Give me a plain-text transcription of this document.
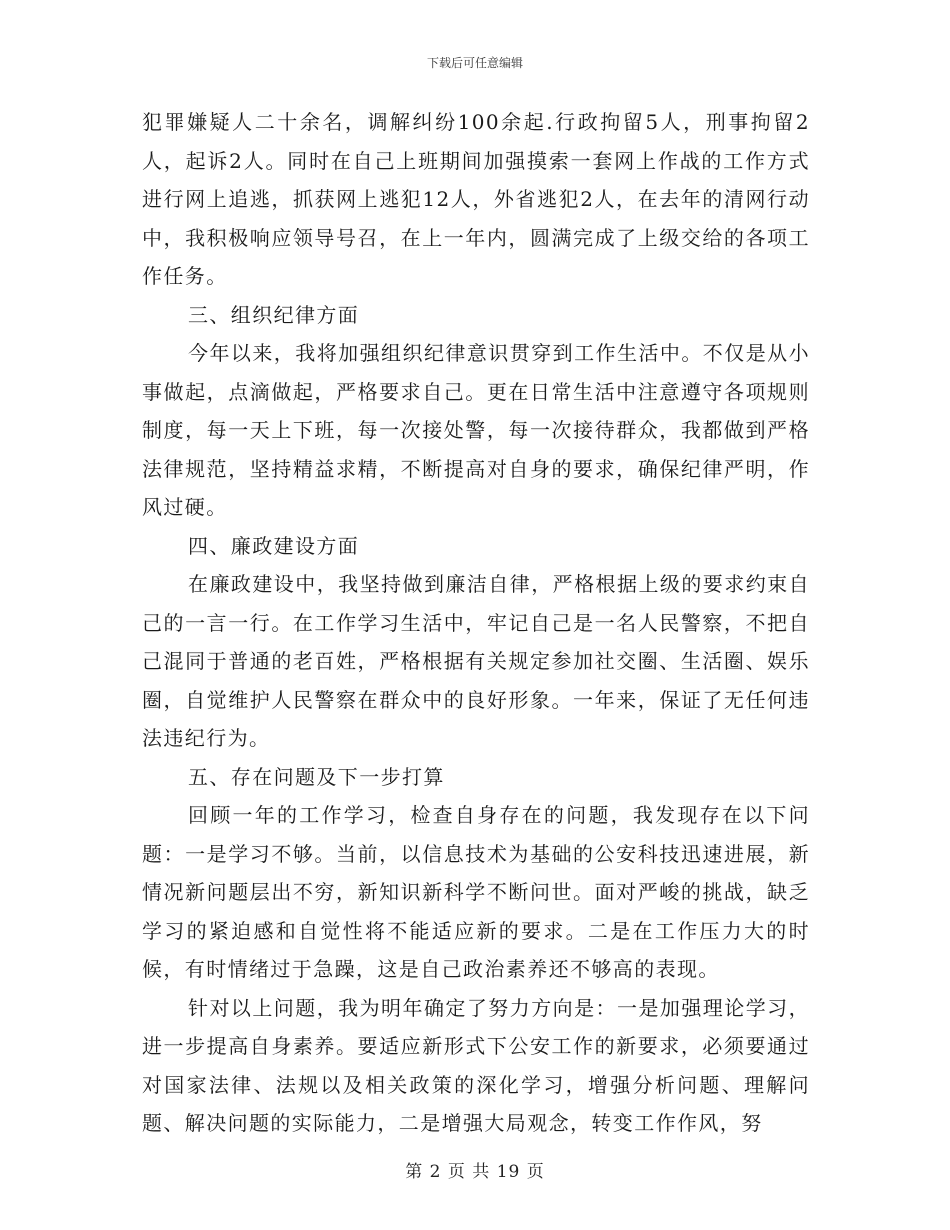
下载后可任意编辑

犯罪嫌疑人二十余名，调解纠纷100余起.行政拘留5人，刑事拘留2人，起诉2人。同时在自己上班期间加强摸索一套网上作战的工作方式进行网上追逃，抓获网上逃犯12人，外省逃犯2人，在去年的清网行动中，我积极响应领导号召，在上一年内，圆满完成了上级交给的各项工作任务。

三、组织纪律方面

今年以来，我将加强组织纪律意识贯穿到工作生活中。不仅是从小事做起，点滴做起，严格要求自己。更在日常生活中注意遵守各项规则制度，每一天上下班，每一次接处警，每一次接待群众，我都做到严格法律规范，坚持精益求精，不断提高对自身的要求，确保纪律严明，作风过硬。

四、廉政建设方面

在廉政建设中，我坚持做到廉洁自律，严格根据上级的要求约束自己的一言一行。在工作学习生活中，牢记自己是一名人民警察，不把自己混同于普通的老百姓，严格根据有关规定参加社交圈、生活圈、娱乐圈，自觉维护人民警察在群众中的良好形象。一年来，保证了无任何违法违纪行为。

五、存在问题及下一步打算

回顾一年的工作学习，检查自身存在的问题，我发现存在以下问题：一是学习不够。当前，以信息技术为基础的公安科技迅速进展，新情况新问题层出不穷，新知识新科学不断问世。面对严峻的挑战，缺乏学习的紧迫感和自觉性将不能适应新的要求。二是在工作压力大的时候，有时情绪过于急躁，这是自己政治素养还不够高的表现。

针对以上问题，我为明年确定了努力方向是：一是加强理论学习，进一步提高自身素养。要适应新形式下公安工作的新要求，必须要通过对国家法律、法规以及相关政策的深化学习，增强分析问题、理解问题、解决问题的实际能力，二是增强大局观念，转变工作作风，努

第 2 页 共 19 页
